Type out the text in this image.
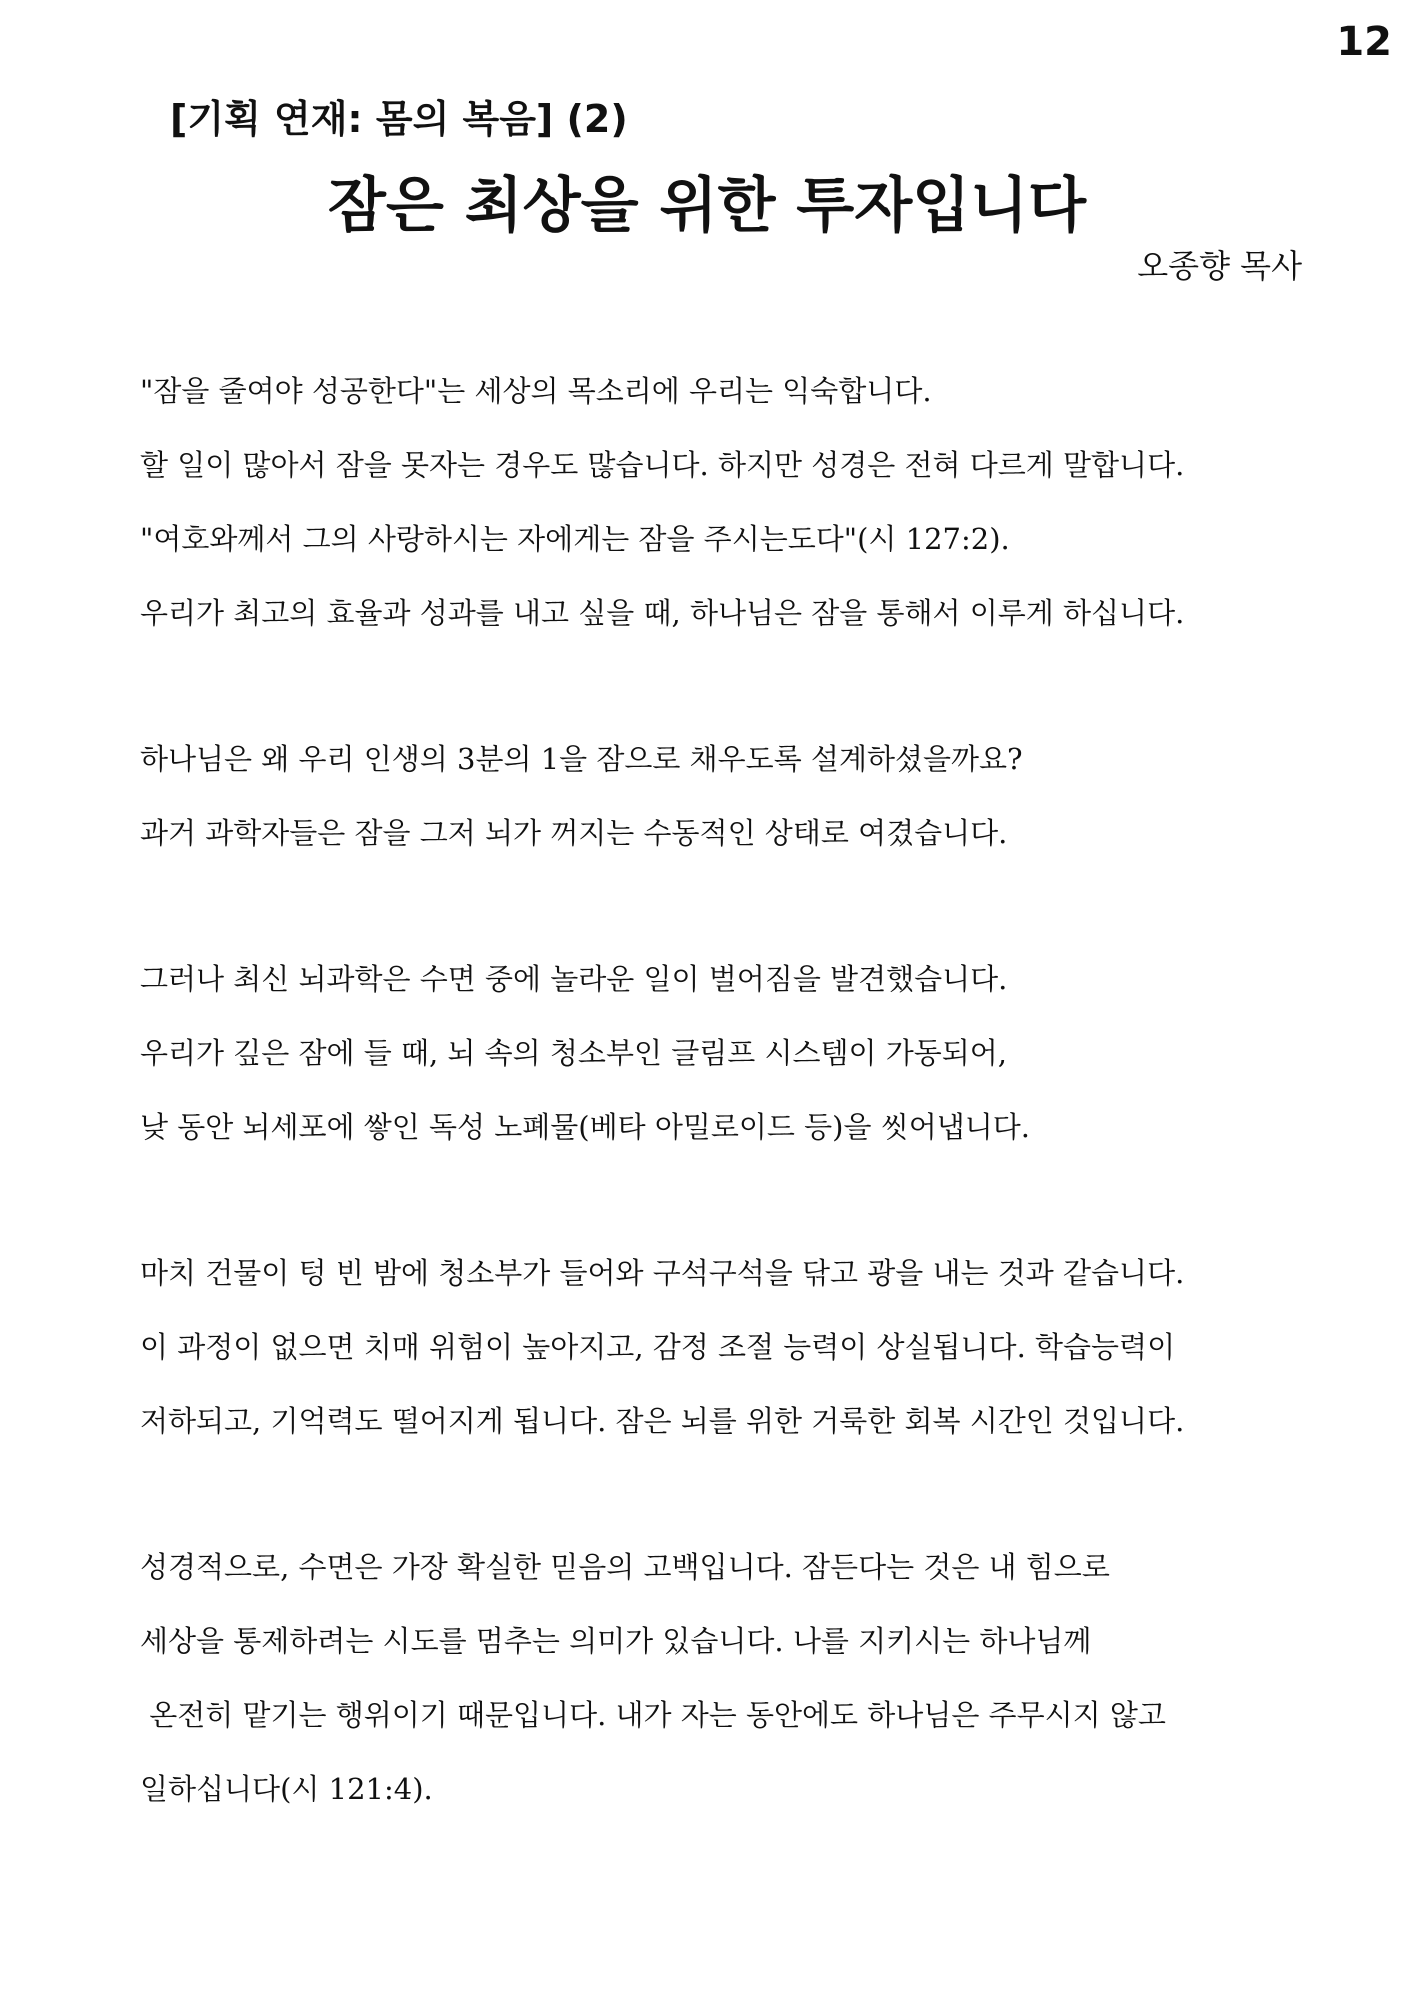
12
[기획 연재: 몸의 복음] (2)
잠은 최상을 위한 투자입니다
오종향 목사
"잠을 줄여야 성공한다"는 세상의 목소리에 우리는 익숙합니다.
할 일이 많아서 잠을 못자는 경우도 많습니다. 하지만 성경은 전혀 다르게 말합니다.
"여호와께서 그의 사랑하시는 자에게는 잠을 주시는도다"(시 127:2).
우리가 최고의 효율과 성과를 내고 싶을 때, 하나님은 잠을 통해서 이루게 하십니다.
하나님은 왜 우리 인생의 3분의 1을 잠으로 채우도록 설계하셨을까요?
과거 과학자들은 잠을 그저 뇌가 꺼지는 수동적인 상태로 여겼습니다.
그러나 최신 뇌과학은 수면 중에 놀라운 일이 벌어짐을 발견했습니다.
우리가 깊은 잠에 들 때, 뇌 속의 청소부인 글림프 시스템이 가동되어,
낮 동안 뇌세포에 쌓인 독성 노폐물(베타 아밀로이드 등)을 씻어냅니다.
마치 건물이 텅 빈 밤에 청소부가 들어와 구석구석을 닦고 광을 내는 것과 같습니다.
이 과정이 없으면 치매 위험이 높아지고, 감정 조절 능력이 상실됩니다. 학습능력이
저하되고, 기억력도 떨어지게 됩니다. 잠은 뇌를 위한 거룩한 회복 시간인 것입니다.
성경적으로, 수면은 가장 확실한 믿음의 고백입니다. 잠든다는 것은 내 힘으로
세상을 통제하려는 시도를 멈추는 의미가 있습니다. 나를 지키시는 하나님께
온전히 맡기는 행위이기 때문입니다. 내가 자는 동안에도 하나님은 주무시지 않고
일하십니다(시 121:4).
